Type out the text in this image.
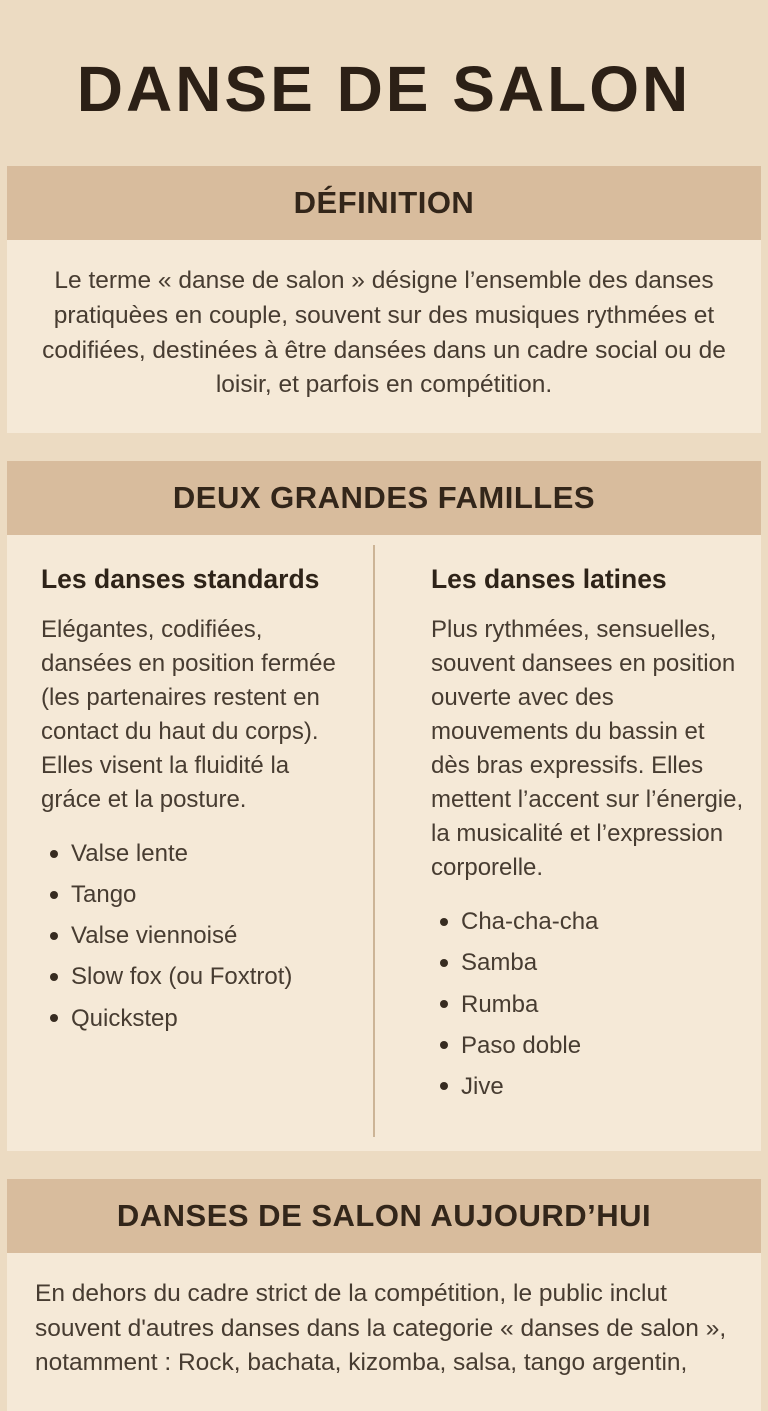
DANSE DE SALON
DÉFINITION
Le terme « danse de salon » désigne l’ensemble des danses pratiquèes en couple, souvent sur des musiques rythmées et codifiées, destinées à être dansées dans un cadre social ou de loisir, et parfois en compétition.
DEUX GRANDES FAMILLES
Les danses standards

Elégantes, codifiées, dansées en position fermée (les partenaires restent en contact du haut du corps). Elles visent la fluidité la gráce et la posture.

Valse lente
Tango
Valse viennoisé
Slow fox (ou Foxtrot)
Quickstep
Les danses latines

Plus rythmées, sensuelles, souvent dansees en position ouverte avec des mouvements du bassin et dès bras expressifs. Elles mettent l’accent sur l’énergie, la musicalité et l’expression corporelle.

Cha-cha-cha
Samba
Rumba
Paso doble
Jive
DANSES DE SALON AUJOURD’HUI
En dehors du cadre strict de la compétition, le public inclut souvent d'autres danses dans la categorie « danses de salon », notamment : Rock, bachata, kizomba, salsa, tango argentin,
